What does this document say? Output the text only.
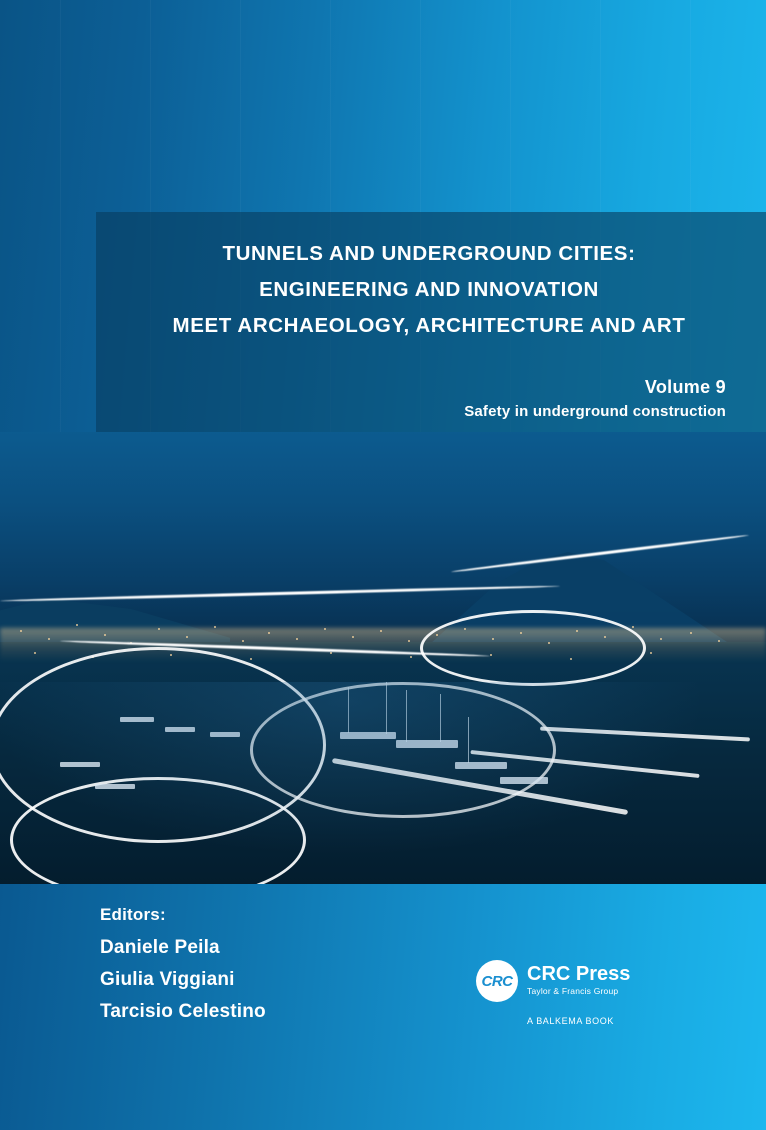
TUNNELS AND UNDERGROUND CITIES:
ENGINEERING AND INNOVATION
MEET ARCHAEOLOGY, ARCHITECTURE AND ART
Volume 9
Safety in underground construction
Editors:
Daniele Peila
Giulia Viggiani
Tarcisio Celestino
CRC CRC Press
Taylor & Francis Group
A BALKEMA BOOK
